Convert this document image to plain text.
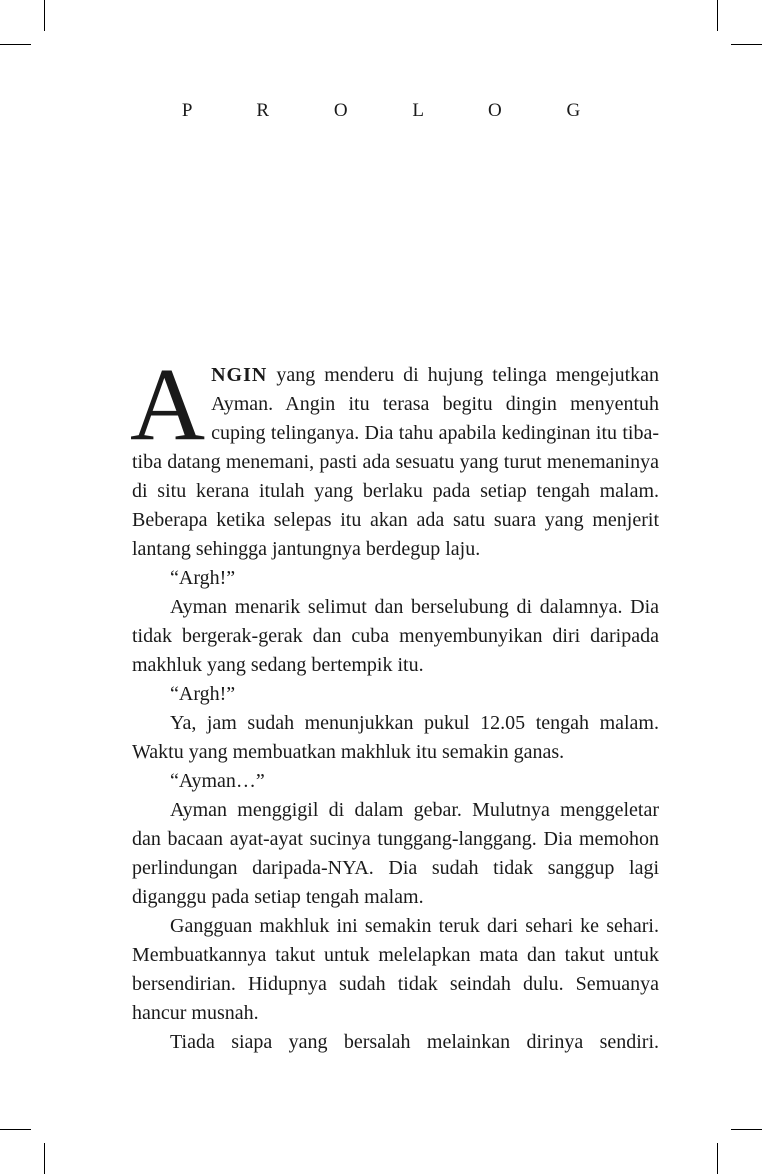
P R O L O G

ANGIN yang menderu di hujung telinga mengejutkan Ayman. Angin itu terasa begitu dingin menyentuh cuping telinganya. Dia tahu apabila kedinginan itu tiba-tiba datang menemani, pasti ada sesuatu yang turut menemaninya di situ kerana itulah yang berlaku pada setiap tengah malam. Beberapa ketika selepas itu akan ada satu suara yang menjerit lantang sehingga jantungnya berdegup laju.

“Argh!”

Ayman menarik selimut dan berselubung di dalamnya. Dia tidak bergerak-gerak dan cuba menyembunyikan diri daripada makhluk yang sedang bertempik itu.

“Argh!”

Ya, jam sudah menunjukkan pukul 12.05 tengah malam. Waktu yang membuatkan makhluk itu semakin ganas.

“Ayman…”

Ayman menggigil di dalam gebar. Mulutnya menggeletar dan bacaan ayat-ayat sucinya tunggang-langgang. Dia memohon perlindungan daripada-NYA. Dia sudah tidak sanggup lagi diganggu pada setiap tengah malam.

Gangguan makhluk ini semakin teruk dari sehari ke sehari. Membuatkannya takut untuk melelapkan mata dan takut untuk bersendirian. Hidupnya sudah tidak seindah dulu. Semuanya hancur musnah.

Tiada siapa yang bersalah melainkan dirinya sendiri.
